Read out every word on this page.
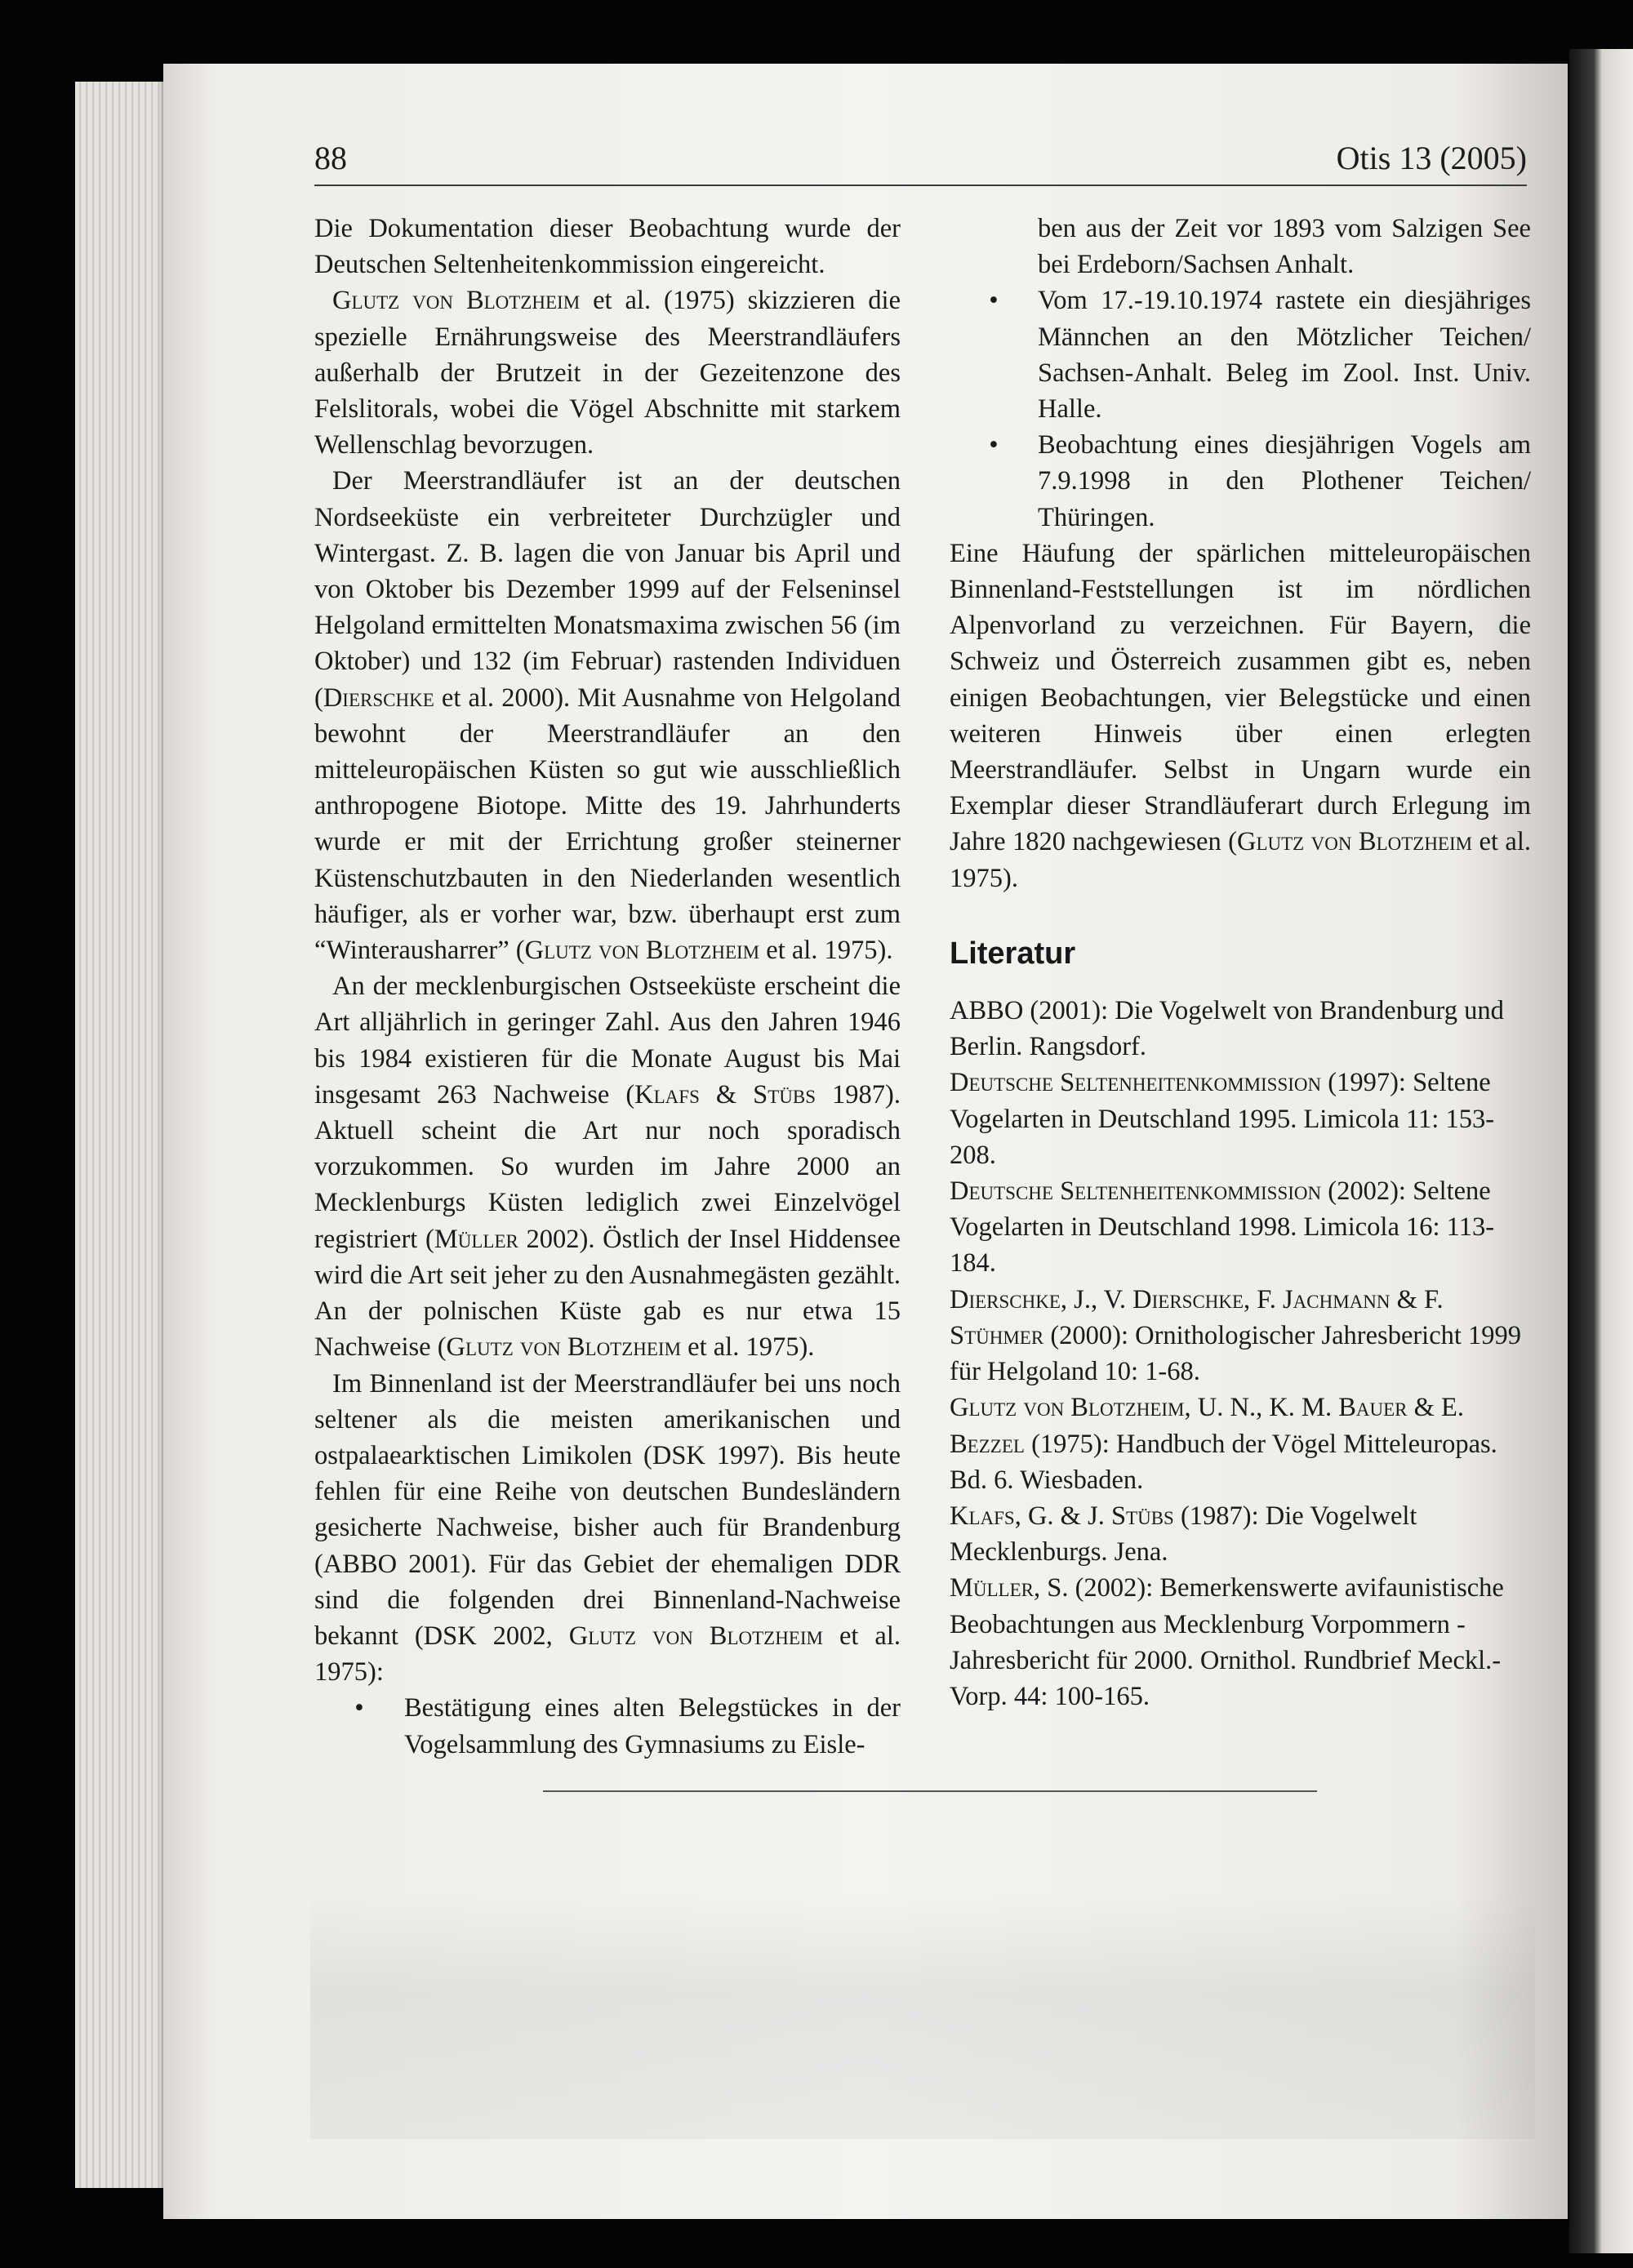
88	Otis 13 (2005)

Die Dokumentation dieser Beobachtung wurde der Deutschen Seltenheitenkommission eingereicht.

Glutz von Blotzheim et al. (1975) skizzieren die spezielle Ernährungsweise des Meerstrandläufers außerhalb der Brutzeit in der Gezeitenzone des Felslitorals, wobei die Vögel Abschnitte mit starkem Wellenschlag bevorzugen.

Der Meerstrandläufer ist an der deutschen Nordseeküste ein verbreiteter Durchzügler und Wintergast. Z. B. lagen die von Januar bis April und von Oktober bis Dezember 1999 auf der Felseninsel Helgoland ermittelten Monatsmaxima zwischen 56 (im Oktober) und 132 (im Februar) rastenden Individuen (Dierschke et al. 2000). Mit Ausnahme von Helgoland bewohnt der Meerstrandläufer an den mitteleuropäischen Küsten so gut wie ausschließlich anthropogene Biotope. Mitte des 19. Jahrhunderts wurde er mit der Errichtung großer steinerner Küstenschutzbauten in den Niederlanden wesentlich häufiger, als er vorher war, bzw. überhaupt erst zum “Winterausharrer” (Glutz von Blotzheim et al. 1975).

An der mecklenburgischen Ostseeküste erscheint die Art alljährlich in geringer Zahl. Aus den Jahren 1946 bis 1984 existieren für die Monate August bis Mai insgesamt 263 Nachweise (Klafs & Stübs 1987). Aktuell scheint die Art nur noch sporadisch vorzukommen. So wurden im Jahre 2000 an Mecklenburgs Küsten lediglich zwei Einzelvögel registriert (Müller 2002). Östlich der Insel Hiddensee wird die Art seit jeher zu den Ausnahmegästen gezählt. An der polnischen Küste gab es nur etwa 15 Nachweise (Glutz von Blotzheim et al. 1975).

Im Binnenland ist der Meerstrandläufer bei uns noch seltener als die meisten amerikanischen und ostpalaearktischen Limikolen (DSK 1997). Bis heute fehlen für eine Reihe von deutschen Bundesländern gesicherte Nachweise, bisher auch für Brandenburg (ABBO 2001). Für das Gebiet der ehemaligen DDR sind die folgenden drei Binnenland-Nachweise bekannt (DSK 2002, Glutz von Blotzheim et al. 1975):

•	Bestätigung eines alten Belegstückes in der Vogelsammlung des Gymnasiums zu Eisle-

ben aus der Zeit vor 1893 vom Salzigen See bei Erdeborn/Sachsen Anhalt.

•	Vom 17.-19.10.1974 rastete ein diesjähriges Männchen an den Mötzlicher Teichen/ Sachsen-Anhalt. Beleg im Zool. Inst. Univ. Halle.
•	Beobachtung eines diesjährigen Vogels am 7.9.1998 in den Plothener Teichen/ Thüringen.

Eine Häufung der spärlichen mitteleuropäischen Binnenland-Feststellungen ist im nördlichen Alpenvorland zu verzeichnen. Für Bayern, die Schweiz und Österreich zusammen gibt es, neben einigen Beobachtungen, vier Belegstücke und einen weiteren Hinweis über einen erlegten Meerstrandläufer. Selbst in Ungarn wurde ein Exemplar dieser Strandläuferart durch Erlegung im Jahre 1820 nachgewiesen (Glutz von Blotzheim et al. 1975).

Literatur

ABBO (2001): Die Vogelwelt von Brandenburg und Berlin. Rangsdorf.

Deutsche Seltenheitenkommission (1997): Seltene Vogelarten in Deutschland 1995. Limicola 11: 153-208.

Deutsche Seltenheitenkommission (2002): Seltene Vogelarten in Deutschland 1998. Limicola 16: 113-184.

Dierschke, J., V. Dierschke, F. Jachmann & F. Stühmer (2000): Ornithologischer Jahresbericht 1999 für Helgoland 10: 1-68.

Glutz von Blotzheim, U. N., K. M. Bauer & E. Bezzel (1975): Handbuch der Vögel Mitteleuropas. Bd. 6. Wiesbaden.

Klafs, G. & J. Stübs (1987): Die Vogelwelt Mecklenburgs. Jena.

Müller, S. (2002): Bemerkenswerte avifaunistische Beobachtungen aus Mecklenburg Vorpommern - Jahresbericht für 2000. Ornithol. Rundbrief Meckl.-Vorp. 44: 100-165.
